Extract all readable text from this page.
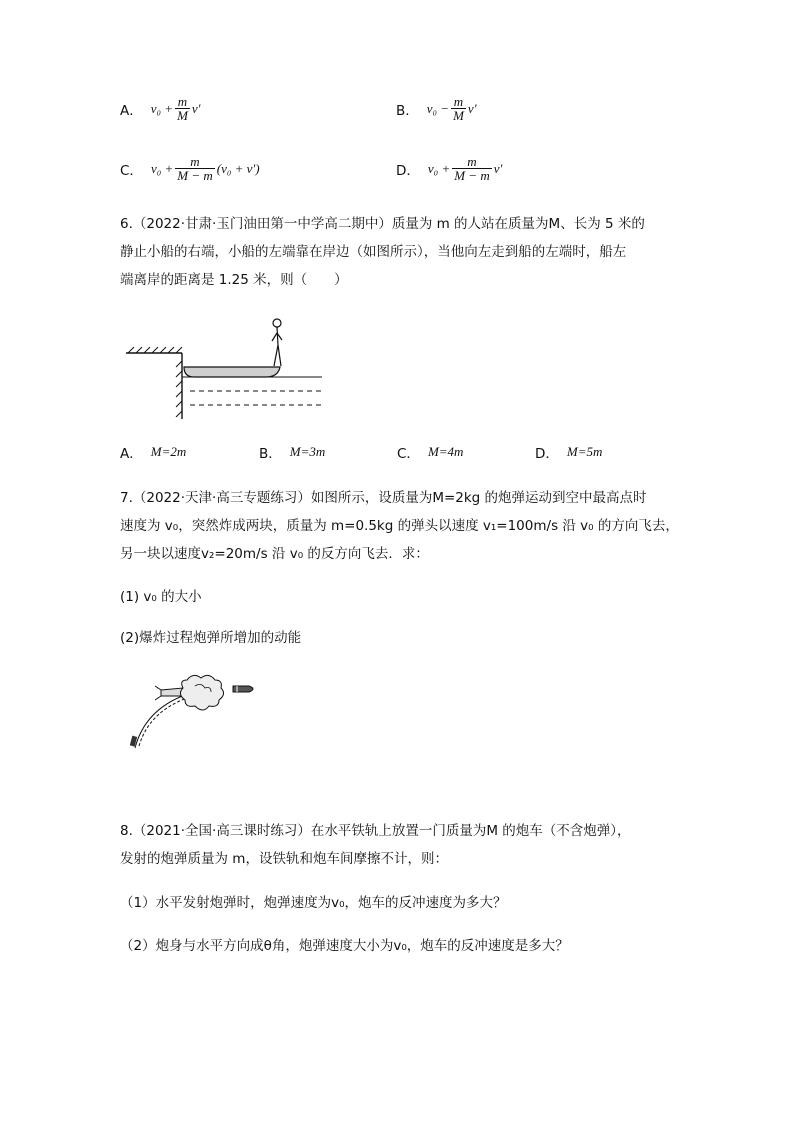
A． $v_0 + \frac{m}{M} v'$	B． $v_0 - \frac{m}{M} v'$
C． $v_0 + \frac{m}{M - m} (v_0 + v')$	D． $v_0 + \frac{m}{M - m} v'$
6.（2022·甘肃·玉门油田第一中学高二期中）质量为 m 的人站在质量为M、长为 5 米的
静止小船的右端，小船的左端靠在岸边（如图所示），当他向左走到船的左端时，船左
端离岸的距离是 1.25 米，则（　　）
A． M=2m	B． M=3m	C． M=4m	D． M=5m
7.（2022·天津·高三专题练习）如图所示，设质量为M=2kg 的炮弹运动到空中最高点时
速度为 v₀，突然炸成两块，质量为 m=0.5kg 的弹头以速度 v₁=100m/s 沿 v₀ 的方向飞去，
另一块以速度v₂=20m/s 沿 v₀ 的反方向飞去．求：
(1) v₀ 的大小
(2)爆炸过程炮弹所增加的动能
8.（2021·全国·高三课时练习）在水平铁轨上放置一门质量为M 的炮车（不含炮弹），
发射的炮弹质量为 m，设铁轨和炮车间摩擦不计，则：
（1）水平发射炮弹时，炮弹速度为v₀，炮车的反冲速度为多大？
（2）炮身与水平方向成θ角，炮弹速度大小为v₀，炮车的反冲速度是多大？
